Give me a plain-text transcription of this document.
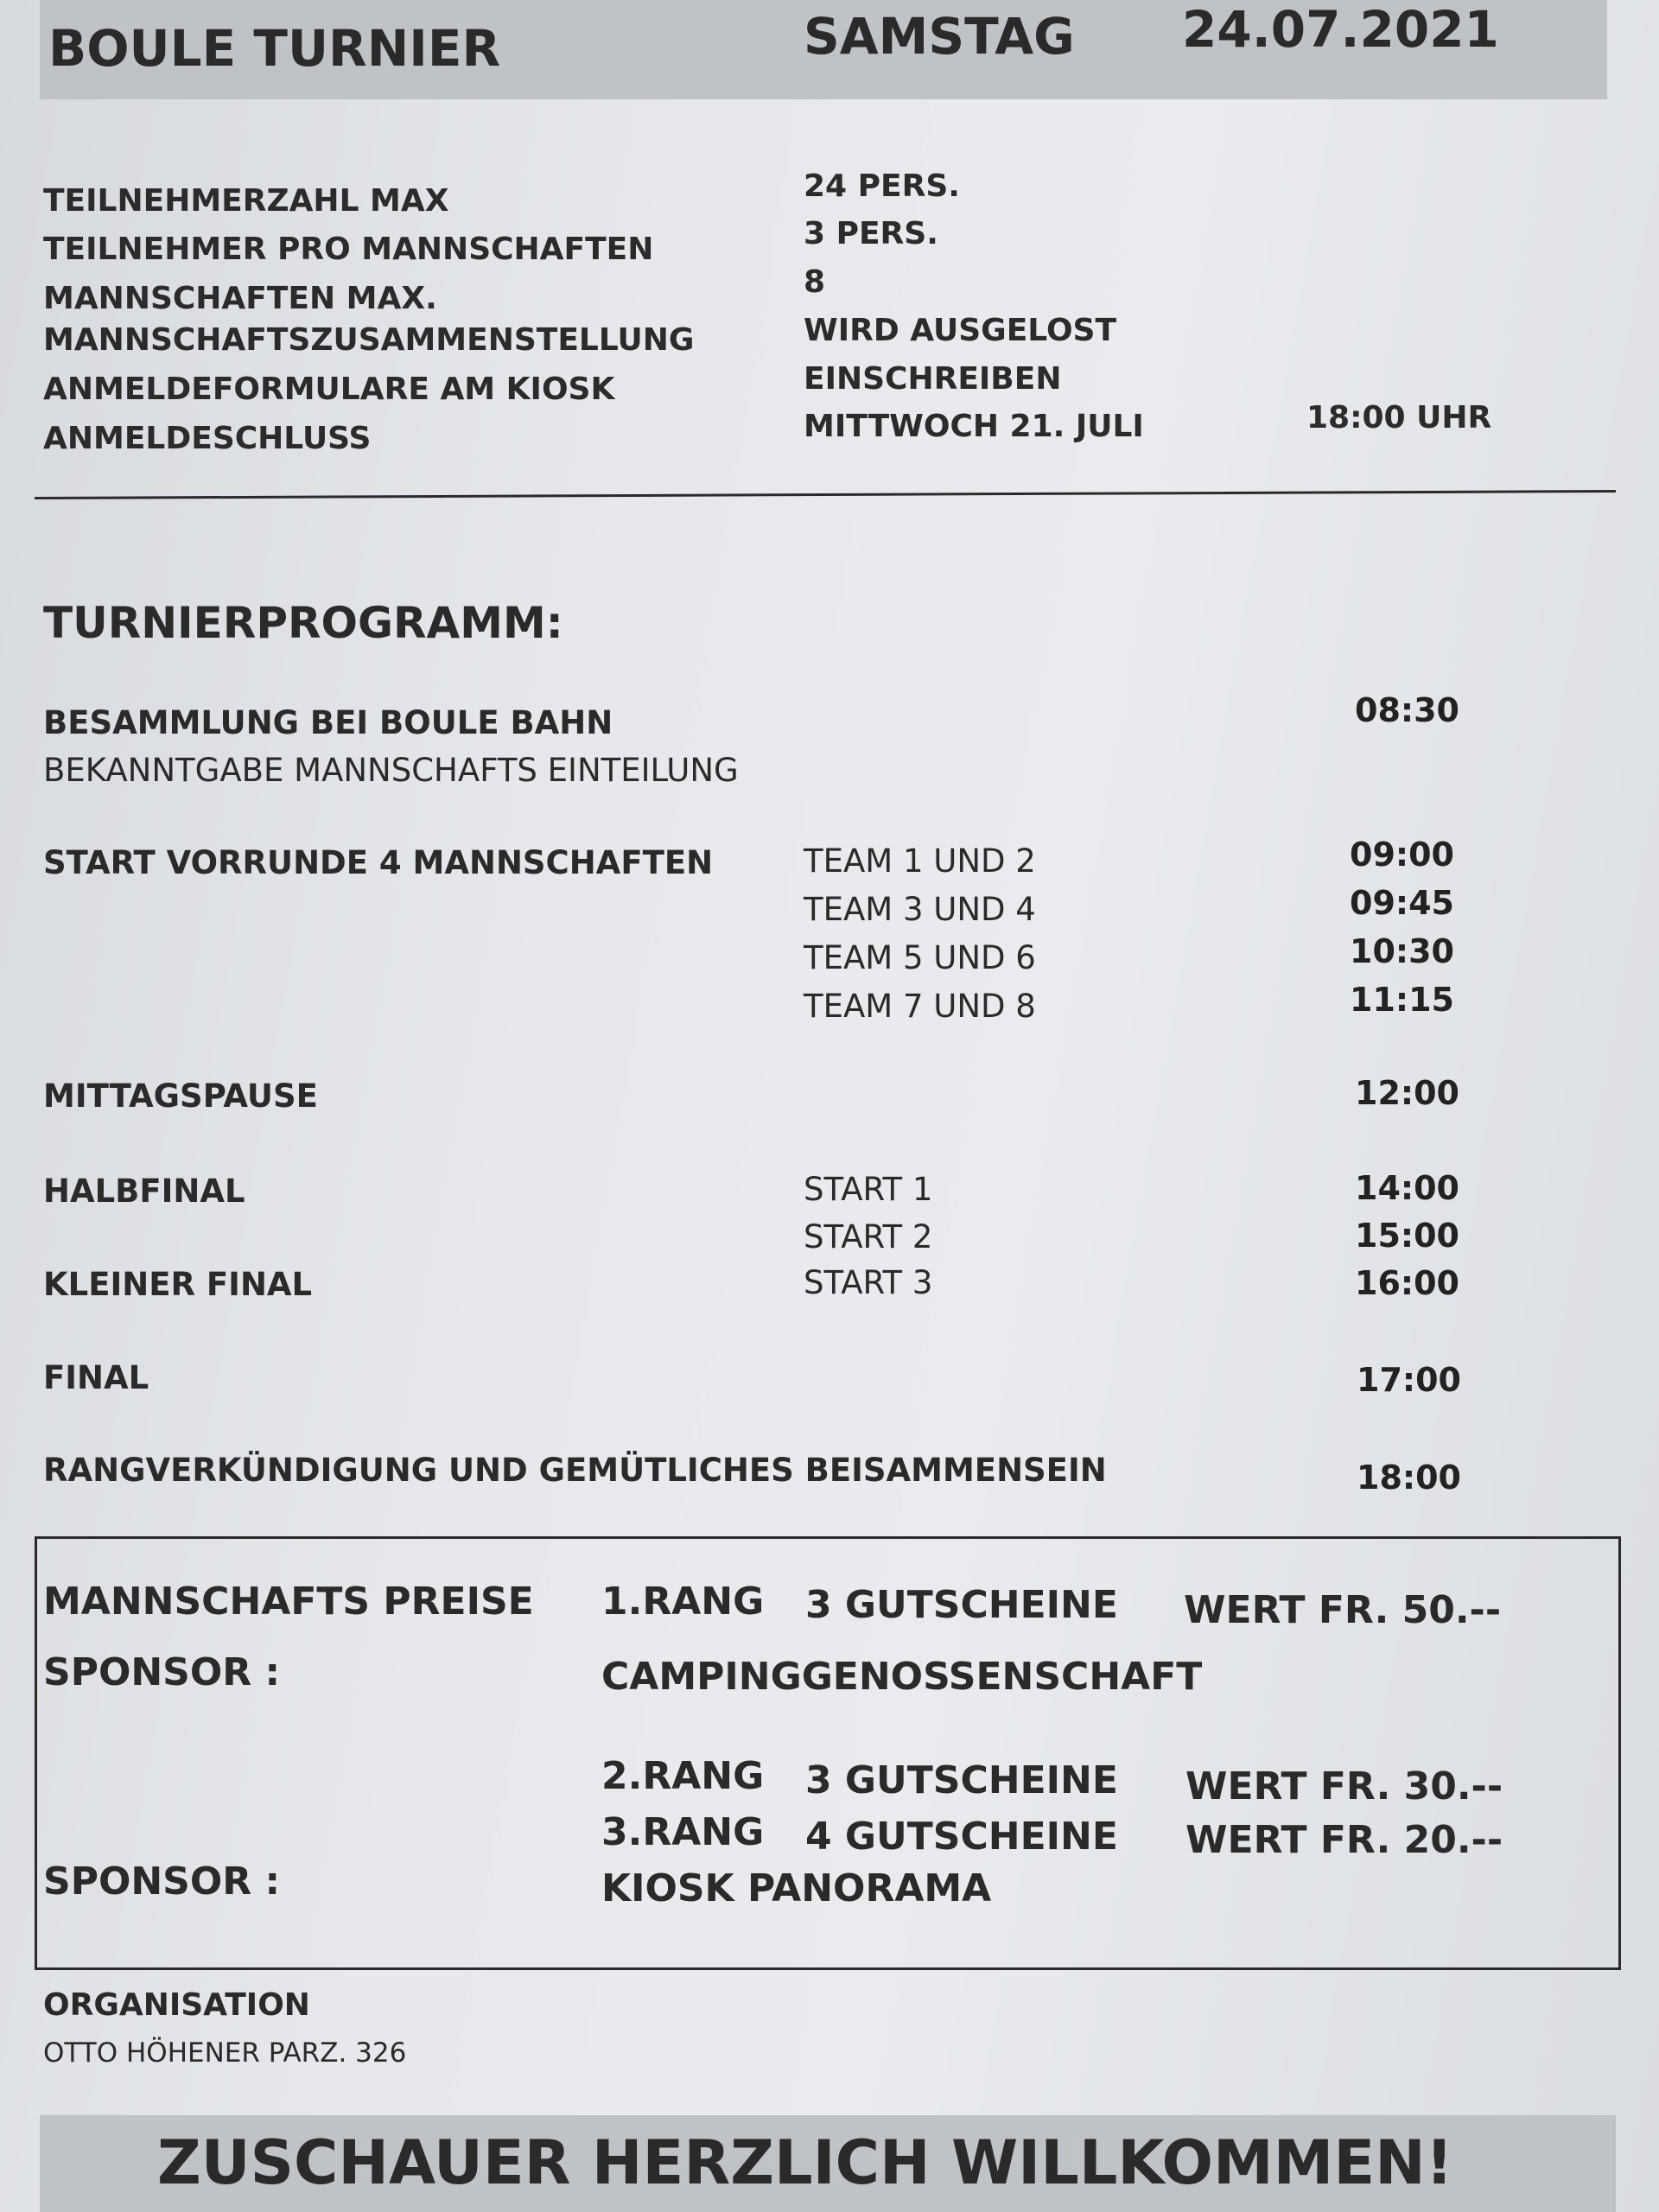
BOULE TURNIER	SAMSTAG 24.07.2021
TEILNEHMERZAHL MAX	24 PERS.
TEILNEHMER PRO MANNSCHAFTEN	3 PERS.
MANNSCHAFTEN MAX.	8
MANNSCHAFTSZUSAMMENSTELLUNG	WIRD AUSGELOST
ANMELDEFORMULARE AM KIOSK	EINSCHREIBEN
ANMELDESCHLUSS	MITTWOCH 21. JULI	18:00 UHR
TURNIERPROGRAMM:
BESAMMLUNG BEI BOULE BAHN	08:30
BEKANNTGABE MANNSCHAFTS EINTEILUNG
START VORRUNDE 4 MANNSCHAFTEN	TEAM 1 UND 2	09:00
TEAM 3 UND 4	09:45
TEAM 5 UND 6	10:30
TEAM 7 UND 8	11:15
MITTAGSPAUSE	12:00
HALBFINAL	START 1	14:00
START 2	15:00
KLEINER FINAL	START 3	16:00
FINAL	17:00
RANGVERKÜNDIGUNG UND GEMÜTLICHES BEISAMMENSEIN	18:00
MANNSCHAFTS PREISE 1.RANG 3 GUTSCHEINE WERT FR. 50.--
SPONSOR :	CAMPINGGENOSSENSCHAFT
2.RANG 3 GUTSCHEINE WERT FR. 30.--
3.RANG 4 GUTSCHEINE WERT FR. 20.--
SPONSOR :	KIOSK PANORAMA
ORGANISATION
OTTO HÖHENER PARZ. 326
ZUSCHAUER HERZLICH WILLKOMMEN!
